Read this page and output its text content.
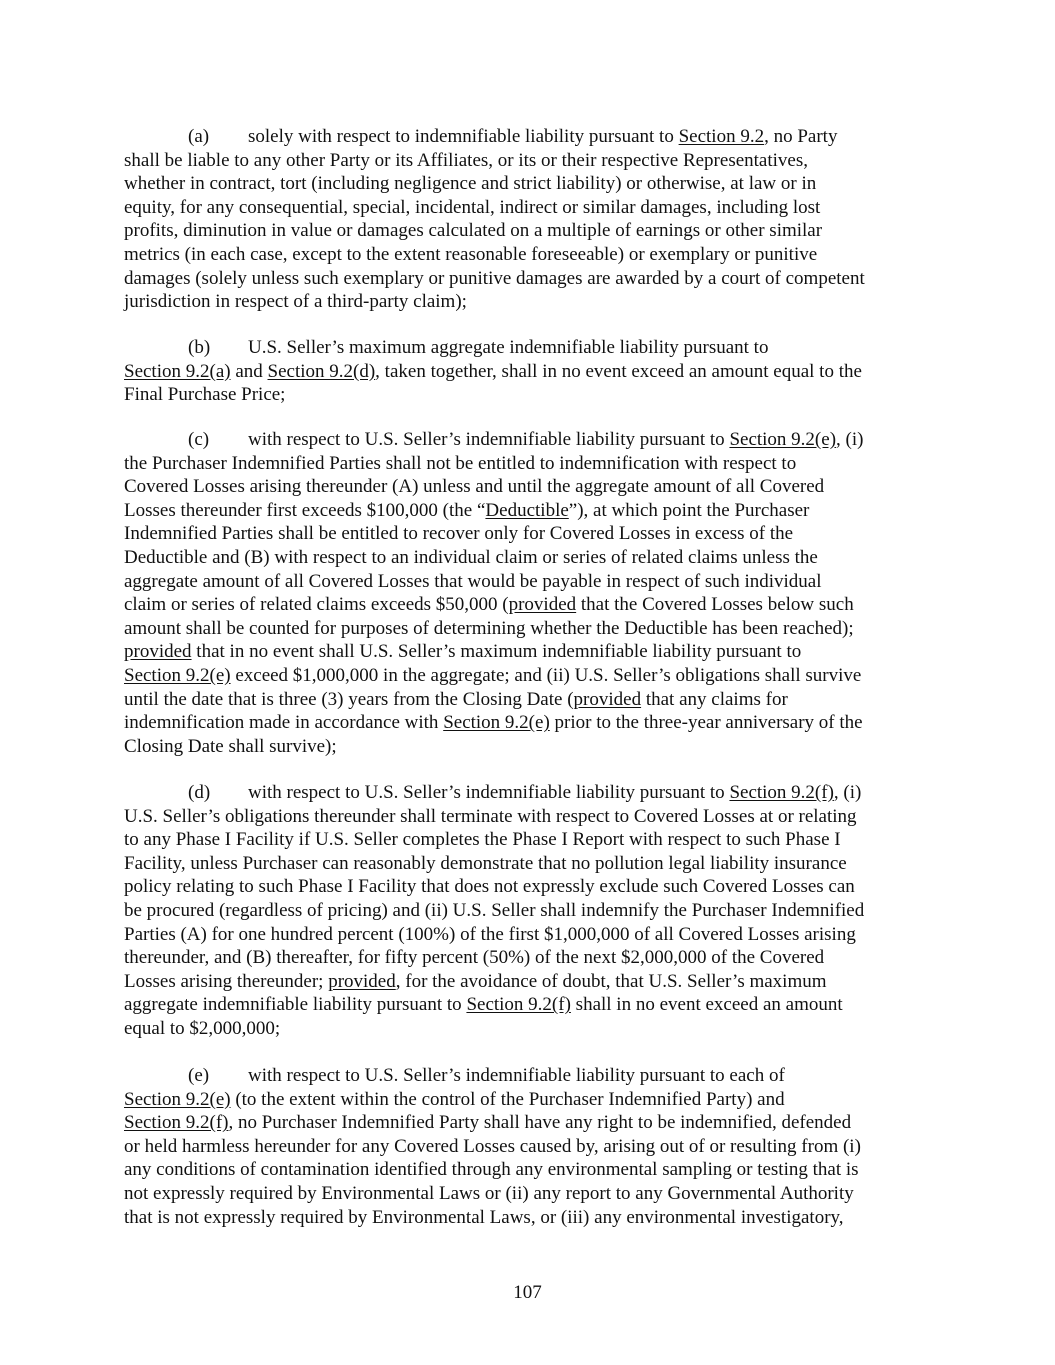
(a) solely with respect to indemnifiable liability pursuant to Section 9.2, no Party
shall be liable to any other Party or its Affiliates, or its or their respective Representatives,
whether in contract, tort (including negligence and strict liability) or otherwise, at law or in
equity, for any consequential, special, incidental, indirect or similar damages, including lost
profits, diminution in value or damages calculated on a multiple of earnings or other similar
metrics (in each case, except to the extent reasonable foreseeable) or exemplary or punitive
damages (solely unless such exemplary or punitive damages are awarded by a court of competent
jurisdiction in respect of a third-party claim);

(b) U.S. Seller’s maximum aggregate indemnifiable liability pursuant to
Section 9.2(a) and Section 9.2(d), taken together, shall in no event exceed an amount equal to the
Final Purchase Price;

(c) with respect to U.S. Seller’s indemnifiable liability pursuant to Section 9.2(e), (i)
the Purchaser Indemnified Parties shall not be entitled to indemnification with respect to
Covered Losses arising thereunder (A) unless and until the aggregate amount of all Covered
Losses thereunder first exceeds $100,000 (the “Deductible”), at which point the Purchaser
Indemnified Parties shall be entitled to recover only for Covered Losses in excess of the
Deductible and (B) with respect to an individual claim or series of related claims unless the
aggregate amount of all Covered Losses that would be payable in respect of such individual
claim or series of related claims exceeds $50,000 (provided that the Covered Losses below such
amount shall be counted for purposes of determining whether the Deductible has been reached);
provided that in no event shall U.S. Seller’s maximum indemnifiable liability pursuant to
Section 9.2(e) exceed $1,000,000 in the aggregate; and (ii) U.S. Seller’s obligations shall survive
until the date that is three (3) years from the Closing Date (provided that any claims for
indemnification made in accordance with Section 9.2(e) prior to the three-year anniversary of the
Closing Date shall survive);

(d) with respect to U.S. Seller’s indemnifiable liability pursuant to Section 9.2(f), (i)
U.S. Seller’s obligations thereunder shall terminate with respect to Covered Losses at or relating
to any Phase I Facility if U.S. Seller completes the Phase I Report with respect to such Phase I
Facility, unless Purchaser can reasonably demonstrate that no pollution legal liability insurance
policy relating to such Phase I Facility that does not expressly exclude such Covered Losses can
be procured (regardless of pricing) and (ii) U.S. Seller shall indemnify the Purchaser Indemnified
Parties (A) for one hundred percent (100%) of the first $1,000,000 of all Covered Losses arising
thereunder, and (B) thereafter, for fifty percent (50%) of the next $2,000,000 of the Covered
Losses arising thereunder; provided, for the avoidance of doubt, that U.S. Seller’s maximum
aggregate indemnifiable liability pursuant to Section 9.2(f) shall in no event exceed an amount
equal to $2,000,000;

(e) with respect to U.S. Seller’s indemnifiable liability pursuant to each of
Section 9.2(e) (to the extent within the control of the Purchaser Indemnified Party) and
Section 9.2(f), no Purchaser Indemnified Party shall have any right to be indemnified, defended
or held harmless hereunder for any Covered Losses caused by, arising out of or resulting from (i)
any conditions of contamination identified through any environmental sampling or testing that is
not expressly required by Environmental Laws or (ii) any report to any Governmental Authority
that is not expressly required by Environmental Laws, or (iii) any environmental investigatory,

107
